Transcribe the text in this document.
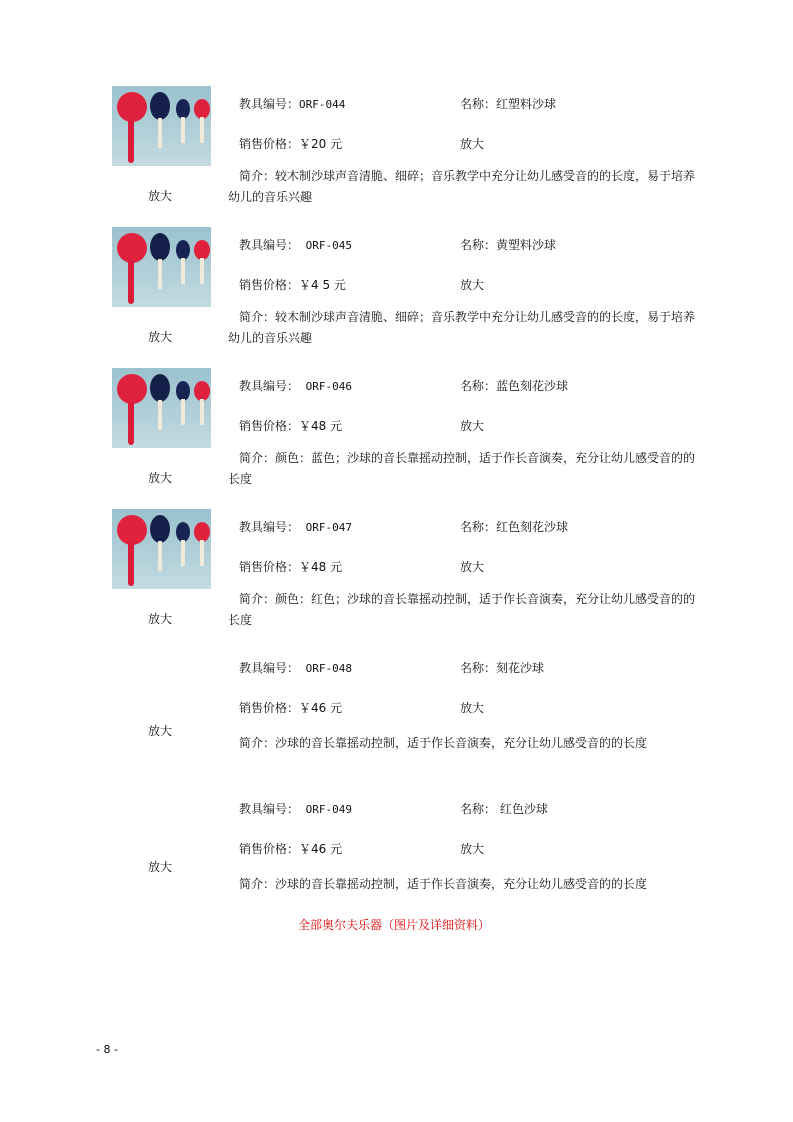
放大
教具编号：ORF-044	名称：红塑料沙球
销售价格：￥20 元	放大
简介：较木制沙球声音清脆、细碎；音乐教学中充分让幼儿感受音的的长度，易于培养幼儿的音乐兴趣
放大
教具编号： ORF-045	名称：黄塑料沙球
销售价格：￥4 5 元	放大
简介：较木制沙球声音清脆、细碎；音乐教学中充分让幼儿感受音的的长度，易于培养幼儿的音乐兴趣
放大
教具编号： ORF-046	名称：蓝色刻花沙球
销售价格：￥48 元	放大
简介：颜色：蓝色；沙球的音长靠摇动控制，适于作长音演奏，充分让幼儿感受音的的长度
放大
教具编号： ORF-047	名称：红色刻花沙球
销售价格：￥48 元	放大
简介：颜色：红色；沙球的音长靠摇动控制，适于作长音演奏，充分让幼儿感受音的的长度
放大
教具编号： ORF-048	名称：刻花沙球
销售价格：￥46 元	放大
简介：沙球的音长靠摇动控制，适于作长音演奏，充分让幼儿感受音的的长度
放大
教具编号： ORF-049	名称： 红色沙球
销售价格：￥46 元	放大
简介：沙球的音长靠摇动控制，适于作长音演奏，充分让幼儿感受音的的长度
全部奥尔夫乐器（图片及详细资料）
- 8 -
